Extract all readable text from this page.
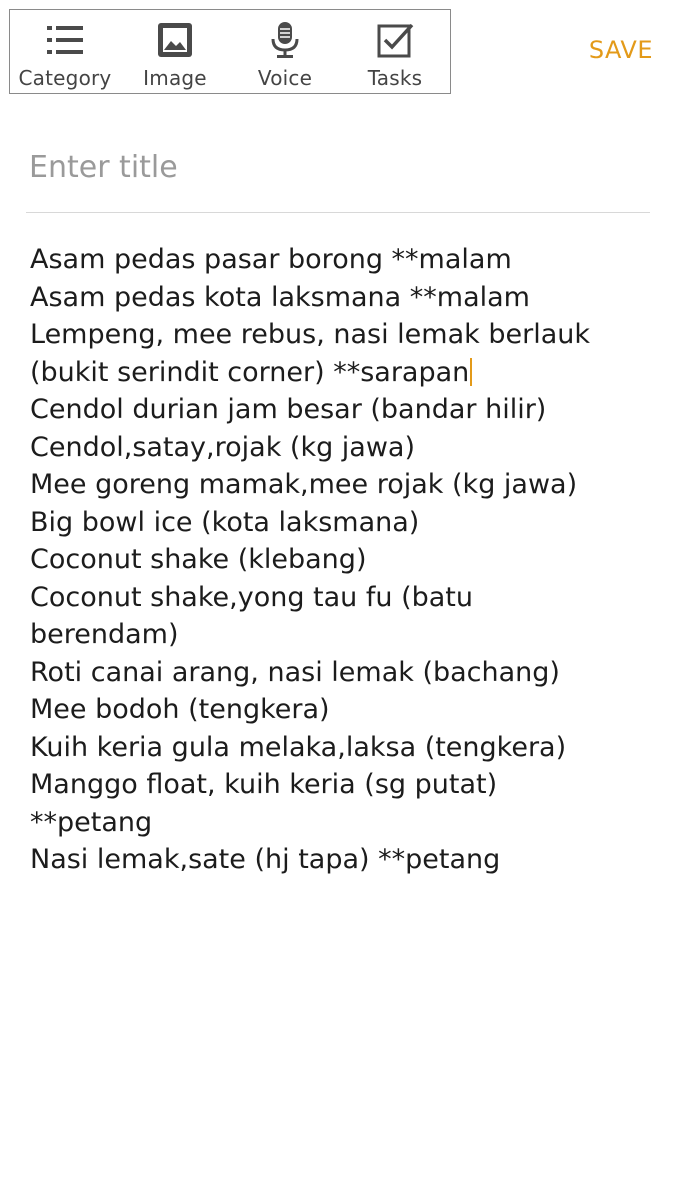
Category Image	Voice	Tasks
SAVE
Enter title
Asam pedas pasar borong **malam
Asam pedas kota laksmana **malam
Lempeng, mee rebus, nasi lemak berlauk
(bukit serindit corner) **sarapan
Cendol durian jam besar (bandar hilir)
Cendol,satay,rojak (kg jawa)
Mee goreng mamak,mee rojak (kg jawa)
Big bowl ice (kota laksmana)
Coconut shake (klebang)
Coconut shake,yong tau fu (batu
berendam)
Roti canai arang, nasi lemak (bachang)
Mee bodoh (tengkera)
Kuih keria gula melaka,laksa (tengkera)
Manggo float, kuih keria (sg putat)
**petang
Nasi lemak,sate (hj tapa) **petang
